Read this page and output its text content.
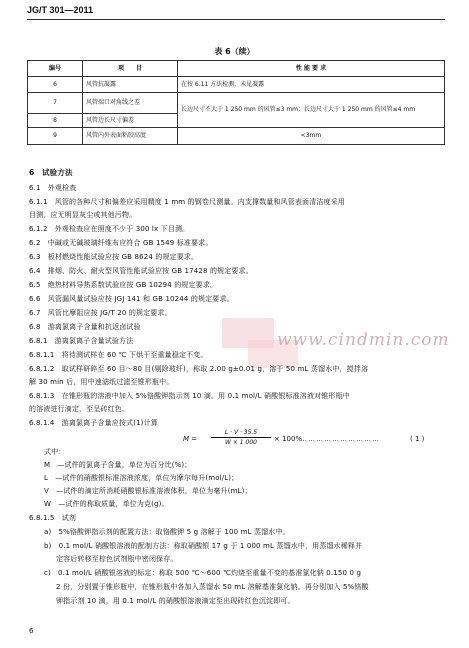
JG/T 301—2011
表 6（续）
编号	项　　目	性 能 要 求
6	风管抗凝露	在按 6.11 方法检测，未见凝露
7	风管端口对角线之差	长边尺寸不大于 1 250 mm 的风管≤3 mm；长边尺寸大于 1 250 mm 的风管≤4 mm
8	风管边长尺寸偏差	
9	风管内外表面粘胶高度	<3mm
www.cindmin.com
6　试验方法
6.1　外观检查
6.1.1　风管的各种尺寸和偏差应采用精度 1 mm 的钢卷尺测量。内支撑数量和风管表面清洁度采用
目测，应无明显灰尘或其他污物。
6.1.2　外观检查应在照度不少于 300 lx 下目测。
6.2　中碱或无碱玻璃纤维布应符合 GB 1549 标准要求。
6.3　板材燃烧性能试验应按 GB 8624 的规定要求。
6.4　排烟、防火、耐火型风管性能试验应按 GB 17428 的规定要求。
6.5　绝热材料导热系数试验应按 GB 10294 的规定要求。
6.6　风管漏风量试验应按 JGJ 141 和 GB 10244 的规定要求。
6.7　风管比摩阻应按 JG/T 20 的规定要求。
6.8　游离氯离子含量和抗返卤试验
6.8.1　游离氯离子含量试验方法
6.8.1.1　将待测试样在 60 ℃ 下烘干至重量稳定不变。
6.8.1.2　取试样研碎至 60 目～80 目(剔除玻纤)，称取 2.00 g±0.01 g，溶于 50 mL 蒸馏水中，搅拌溶
解 30 min 后，用中速滤纸过滤至锥形瓶中。
6.8.1.3　在锥形瓶的溶液中加入 5%铬酸钾指示剂 10 滴。用 0.1 mol/L 硝酸银标准溶液对锥形瓶中
的溶液进行滴定，至呈砖红色。
6.8.1.4　游离氯离子含量应按式(1)计算
M =
L · V · 35.5
W × 1 000	× 100%
…………………………	( 1 )
式中：
M　—试件的氯离子含量，单位为百分比(%)；
L　—试件的硝酸银标准溶液浓度，单位为摩尔每升(mol/L)；
V　—试件的滴定所消耗硝酸银标准溶液体积，单位为毫升(mL)；
W　—试件的称取质量，单位为克(g)。
6.8.1.5　试剂
a)　5%铬酸钾指示剂的配置方法：取铬酸钾 5 g 溶解于 100 mL 蒸馏水中。
b)　0.1 mol/L 硝酸银溶液的配制方法：称取硝酸银 17 g 于 1 000 mL 蒸馏水中，用蒸馏水稀释并
定容后转移至棕色试剂瓶中密闭保存。
6
c)　0.1 mol/L 硝酸银溶液的标定：称取 500 ℃～600 ℃灼烧至重量不变的基准氯化钠 0.150 0 g
2 份，分别置于锥形瓶中，在锥形瓶中各加入蒸馏水 50 mL 溶解基准氯化钠。再分别加入 5%铬酸
钾指示剂 10 滴，用 0.1 mol/L 的硝酸银溶液滴定至出现砖红色沉淀即可。
